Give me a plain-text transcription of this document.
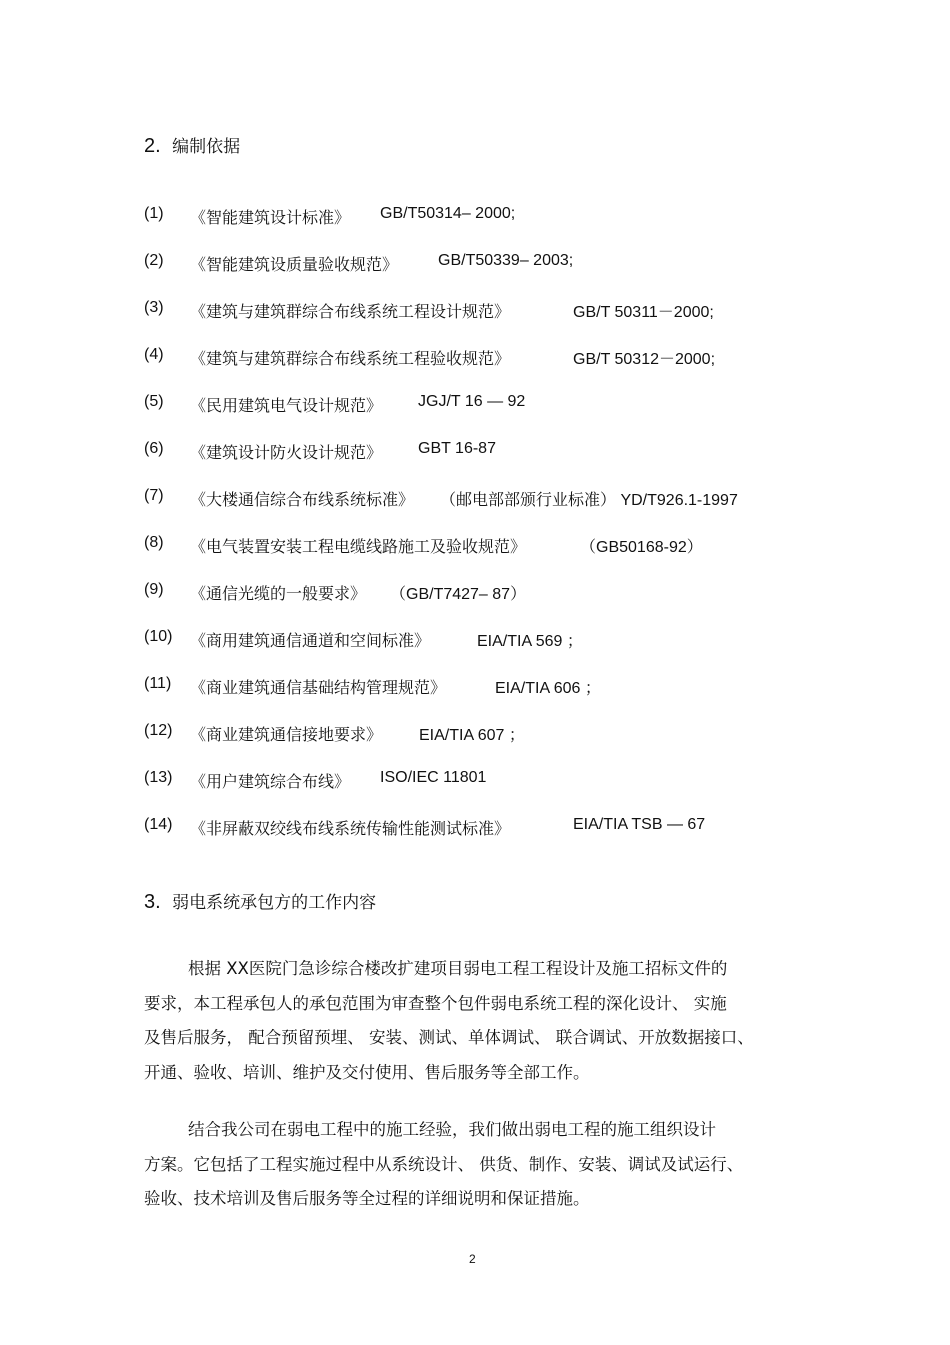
2. 编制依据
(1) 《智能建筑设计标准》 GB/T50314– 2000;
(2) 《智能建筑设质量验收规范》 GB/T50339– 2003;
(3) 《建筑与建筑群综合布线系统工程设计规范》	GB/T 50311－2000;
(4) 《建筑与建筑群综合布线系统工程验收规范》	GB/T 50312－2000;
(5) 《民用建筑电气设计规范》 JGJ/T 16 — 92
(6) 《建筑设计防火设计规范》 GBT 16-87
(7) 《大楼通信综合布线系统标准》 （邮电部部颁行业标准） YD/T926.1-1997
(8) 《电气装置安装工程电缆线路施工及验收规范》	（GB50168-92）
(9) 《通信光缆的一般要求》 （GB/T7427– 87）
(10) 《商用建筑通信通道和空间标准》	EIA/TIA 569 ；
(11) 《商业建筑通信基础结构管理规范》	EIA/TIA 606 ；
(12) 《商业建筑通信接地要求》 EIA/TIA 607 ；
(13) 《用户建筑综合布线》 ISO/IEC 11801
(14) 《非屏蔽双绞线布线系统传输性能测试标准》	EIA/TIA TSB — 67
3. 弱电系统承包方的工作内容
根据 XX医院门急诊综合楼改扩建项目弱电工程工程设计及施工招标文件的
要求，本工程承包人的承包范围为审查整个包件弱电系统工程的深化设计、 实施
及售后服务， 配合预留预埋、 安装、测试、单体调试、 联合调试、开放数据接口、
开通、验收、培训、维护及交付使用、售后服务等全部工作。
结合我公司在弱电工程中的施工经验，我们做出弱电工程的施工组织设计
方案。它包括了工程实施过程中从系统设计、 供货、制作、安装、调试及试运行、
验收、技术培训及售后服务等全过程的详细说明和保证措施。
2
